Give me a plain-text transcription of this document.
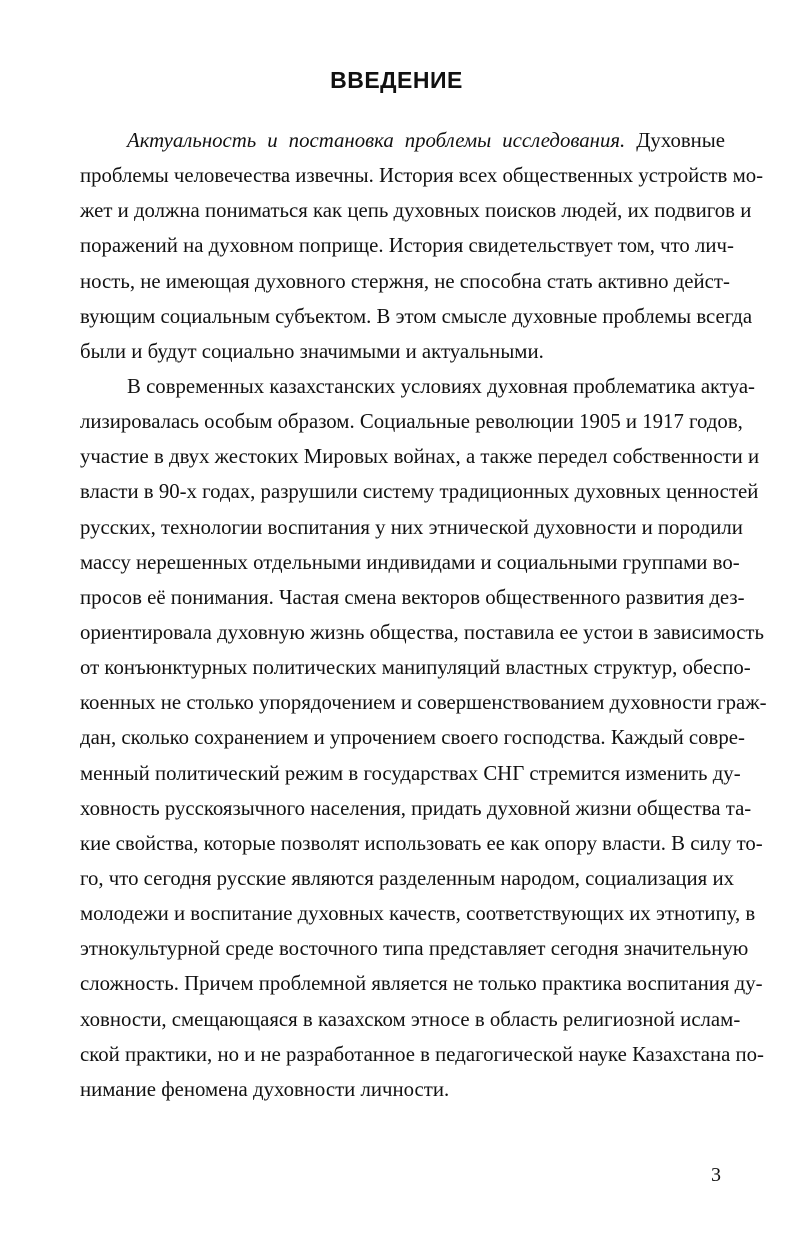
ВВЕДЕНИЕ
Актуальность и постановка проблемы исследования. Духовные
проблемы человечества извечны. История всех общественных устройств мо-
жет и должна пониматься как цепь духовных поисков людей, их подвигов и
поражений на духовном поприще. История свидетельствует том, что лич-
ность, не имеющая духовного стержня, не способна стать активно дейст-
вующим социальным субъектом. В этом смысле духовные проблемы всегда
были и будут социально значимыми и актуальными.
В современных казахстанских условиях духовная проблематика актуа-
лизировалась особым образом. Социальные революции 1905 и 1917 годов,
участие в двух жестоких Мировых войнах, а также передел собственности и
власти в 90-х годах, разрушили систему традиционных духовных ценностей
русских, технологии воспитания у них этнической духовности и породили
массу нерешенных отдельными индивидами и социальными группами во-
просов её понимания. Частая смена векторов общественного развития дез-
ориентировала духовную жизнь общества, поставила ее устои в зависимость
от конъюнктурных политических манипуляций властных структур, обеспо-
коенных не столько упорядочением и совершенствованием духовности граж-
дан, сколько сохранением и упрочением своего господства. Каждый совре-
менный политический режим в государствах СНГ стремится изменить ду-
ховность русскоязычного населения, придать духовной жизни общества та-
кие свойства, которые позволят использовать ее как опору власти. В силу то-
го, что сегодня русские являются разделенным народом, социализация их
молодежи и воспитание духовных качеств, соответствующих их этнотипу, в
этнокультурной среде восточного типа представляет сегодня значительную
сложность. Причем проблемной является не только практика воспитания ду-
ховности, смещающаяся в казахском этносе в область религиозной ислам-
ской практики, но и не разработанное в педагогической науке Казахстана по-
нимание феномена духовности личности.
3
